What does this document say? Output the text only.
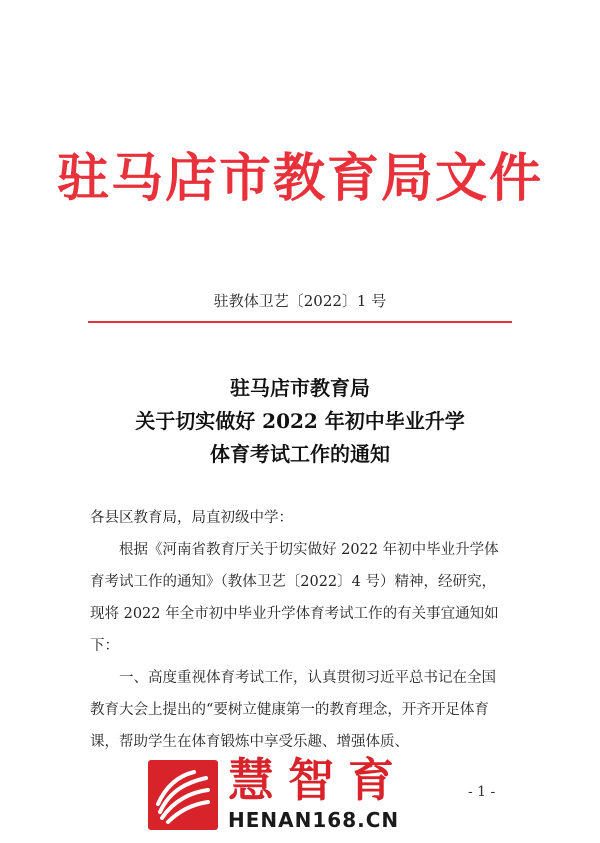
驻马店市教育局文件
驻教体卫艺〔2022〕1 号
驻马店市教育局
关于切实做好 2022 年初中毕业升学
体育考试工作的通知

各县区教育局，局直初级中学：

根据《河南省教育厅关于切实做好 2022 年初中毕业升学体育考试工作的通知》（教体卫艺〔2022〕4 号）精神，经研究，现将 2022 年全市初中毕业升学体育考试工作的有关事宜通知如下：

一、高度重视体育考试工作，认真贯彻习近平总书记在全国教育大会上提出的“要树立健康第一的教育理念，开齐开足体育课，帮助学生在体育锻炼中享受乐趣、增强体质、

- 1 -
慧智育
HENAN168.CN
